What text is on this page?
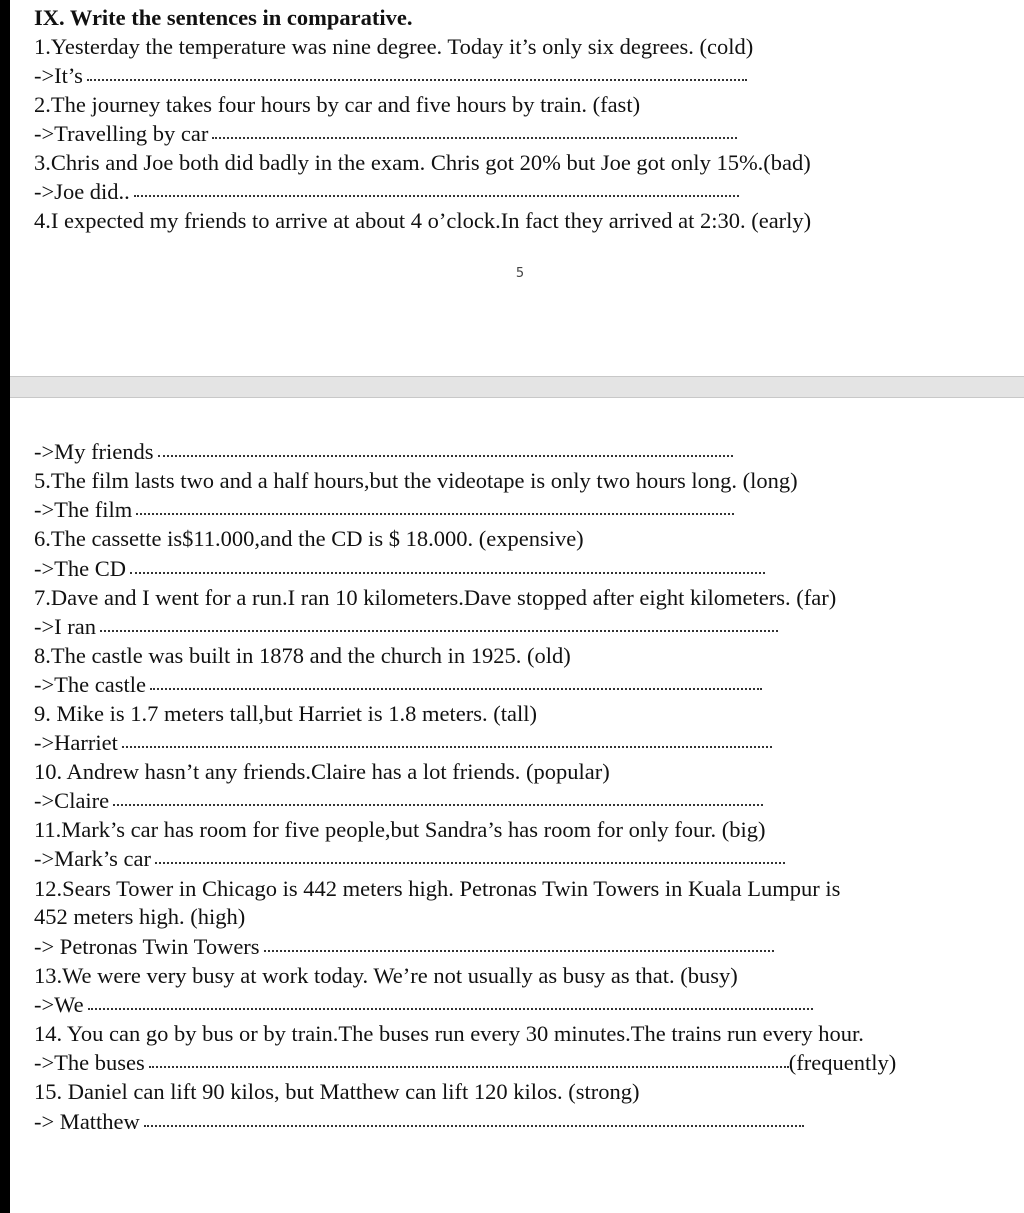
IX. Write the sentences in comparative.
1.Yesterday the temperature was nine degree. Today it’s only six degrees. (cold)
->It’s
2.The journey takes four hours by car and five hours by train. (fast)
->Travelling by car
3.Chris and Joe both did badly in the exam. Chris got 20% but Joe got only 15%.(bad)
->Joe did..
4.I expected my friends to arrive at about 4 o’clock.In fact they arrived at 2:30. (early)
5
->My friends
5.The film lasts two and a half hours,but the videotape is only two hours long. (long)
->The film
6.The cassette is$11.000,and the CD is $ 18.000. (expensive)
->The CD
7.Dave and I went for a run.I ran 10 kilometers.Dave stopped after eight kilometers. (far)
->I ran
8.The castle was built in 1878 and the church in 1925. (old)
->The castle
9. Mike is 1.7 meters tall,but Harriet is 1.8 meters. (tall)
->Harriet
10. Andrew hasn’t any friends.Claire has a lot friends. (popular)
->Claire
11.Mark’s car has room for five people,but Sandra’s has room for only four. (big)
->Mark’s car
12.Sears Tower in Chicago is 442 meters high. Petronas Twin Towers in Kuala Lumpur is
452 meters high. (high)
-> Petronas Twin Towers
13.We were very busy at work today. We’re not usually as busy as that. (busy)
->We
14. You can go by bus or by train.The buses run every 30 minutes.The trains run every hour.
->The buses	(frequently)
15. Daniel can lift 90 kilos, but Matthew can lift 120 kilos. (strong)
-> Matthew
